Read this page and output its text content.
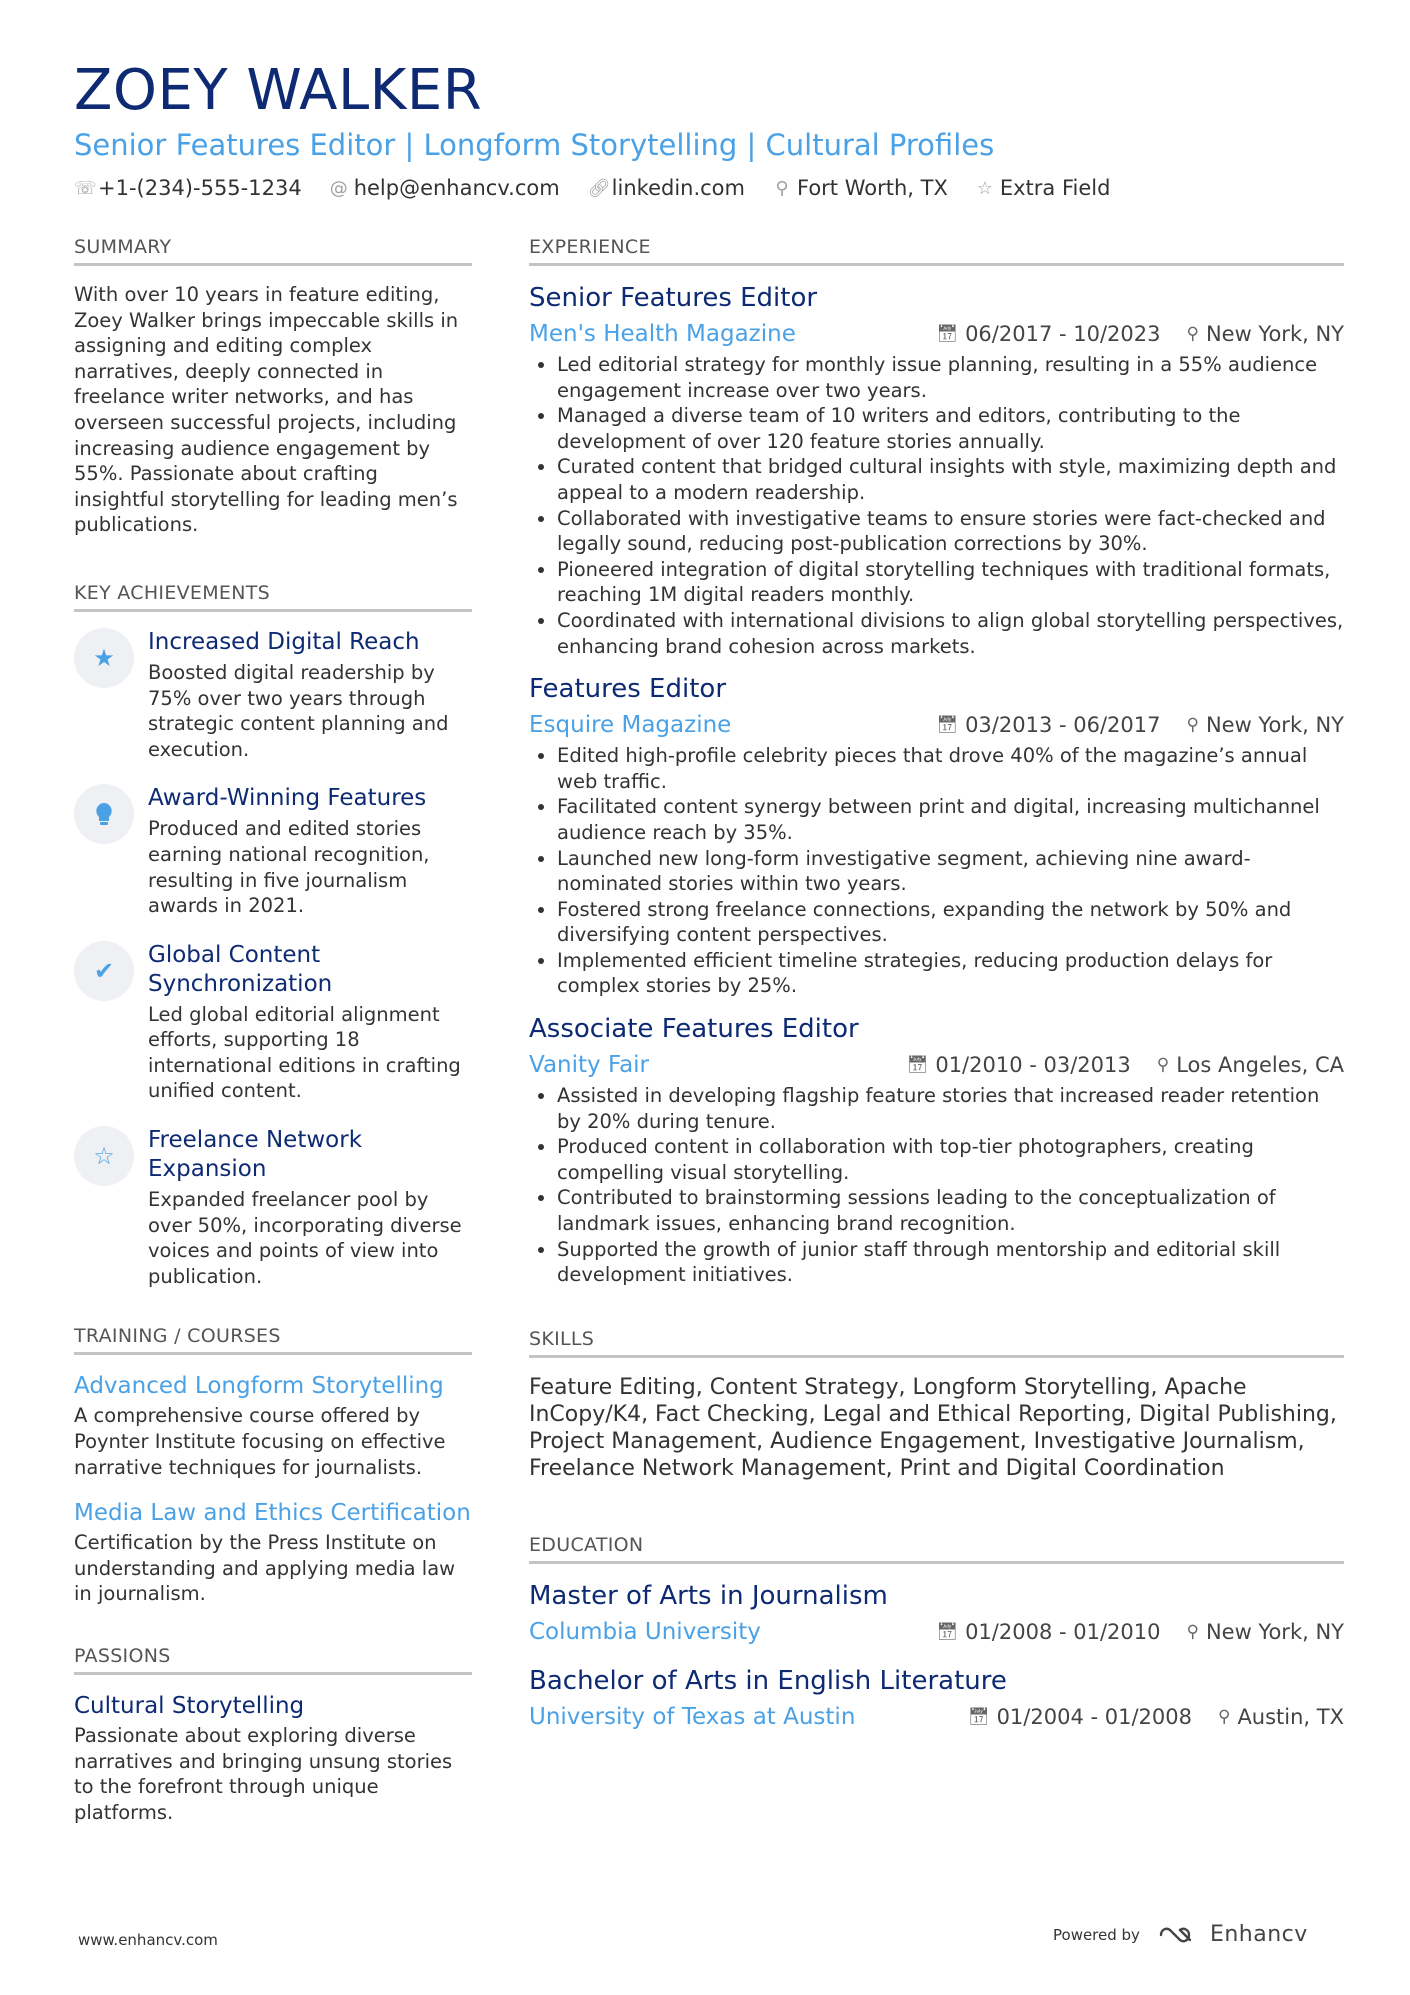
ZOEY WALKER
Senior Features Editor | Longform Storytelling | Cultural Profiles
☏ +1-(234)-555-1234 @ help@enhancv.com 🔗︎ linkedin.com ⚲ Fort Worth, TX ☆ Extra Field
SUMMARY

With over 10 years in feature editing, Zoey Walker brings impeccable skills in assigning and editing complex narratives, deeply connected in freelance writer networks, and has overseen successful projects, including increasing audience engagement by 55%. Passionate about crafting insightful storytelling for leading men’s publications.

KEY ACHIEVEMENTS
★
Increased Digital Reach
Boosted digital readership by 75% over two years through strategic content planning and execution.
Award-Winning Features
Produced and edited stories earning national recognition, resulting in five journalism awards in 2021.
✔
Global Content Synchronization
Led global editorial alignment efforts, supporting 18 international editions in crafting unified content.
☆
Freelance Network Expansion
Expanded freelancer pool by over 50%, incorporating diverse voices and points of view into publication.
TRAINING / COURSES
Advanced Longform Storytelling
A comprehensive course offered by Poynter Institute focusing on effective narrative techniques for journalists.
Media Law and Ethics Certification
Certification by the Press Institute on understanding and applying media law in journalism.
PASSIONS
Cultural Storytelling
Passionate about exploring diverse narratives and bringing unsung stories to the forefront through unique platforms.
EXPERIENCE
Senior Features Editor
Men's Health Magazine	📅︎ 06/2017 - 10/2023 ⚲ New York, NY
• Led editorial strategy for monthly issue planning, resulting in a 55% audience engagement increase over two years.
• Managed a diverse team of 10 writers and editors, contributing to the development of over 120 feature stories annually.
• Curated content that bridged cultural insights with style, maximizing depth and appeal to a modern readership.
• Collaborated with investigative teams to ensure stories were fact-checked and legally sound, reducing post-publication corrections by 30%.
• Pioneered integration of digital storytelling techniques with traditional formats, reaching 1M digital readers monthly.
• Coordinated with international divisions to align global storytelling perspectives, enhancing brand cohesion across markets.
Features Editor
Esquire Magazine	📅︎ 03/2013 - 06/2017 ⚲ New York, NY
• Edited high-profile celebrity pieces that drove 40% of the magazine’s annual web traffic.
• Facilitated content synergy between print and digital, increasing multichannel audience reach by 35%.
• Launched new long-form investigative segment, achieving nine award-nominated stories within two years.
• Fostered strong freelance connections, expanding the network by 50% and diversifying content perspectives.
• Implemented efficient timeline strategies, reducing production delays for complex stories by 25%.
Associate Features Editor
Vanity Fair	📅︎ 01/2010 - 03/2013 ⚲ Los Angeles, CA
• Assisted in developing flagship feature stories that increased reader retention by 20% during tenure.
• Produced content in collaboration with top-tier photographers, creating compelling visual storytelling.
• Contributed to brainstorming sessions leading to the conceptualization of landmark issues, enhancing brand recognition.
• Supported the growth of junior staff through mentorship and editorial skill development initiatives.
SKILLS

Feature Editing, Content Strategy, Longform Storytelling, Apache InCopy/K4, Fact Checking, Legal and Ethical Reporting, Digital Publishing, Project Management, Audience Engagement, Investigative Journalism, Freelance Network Management, Print and Digital Coordination

EDUCATION
Master of Arts in Journalism
Columbia University	📅︎ 01/2008 - 01/2010 ⚲ New York, NY
Bachelor of Arts in English Literature
University of Texas at Austin	📅︎ 01/2004 - 01/2008 ⚲ Austin, TX
www.enhancv.com	Powered by	Enhancv
